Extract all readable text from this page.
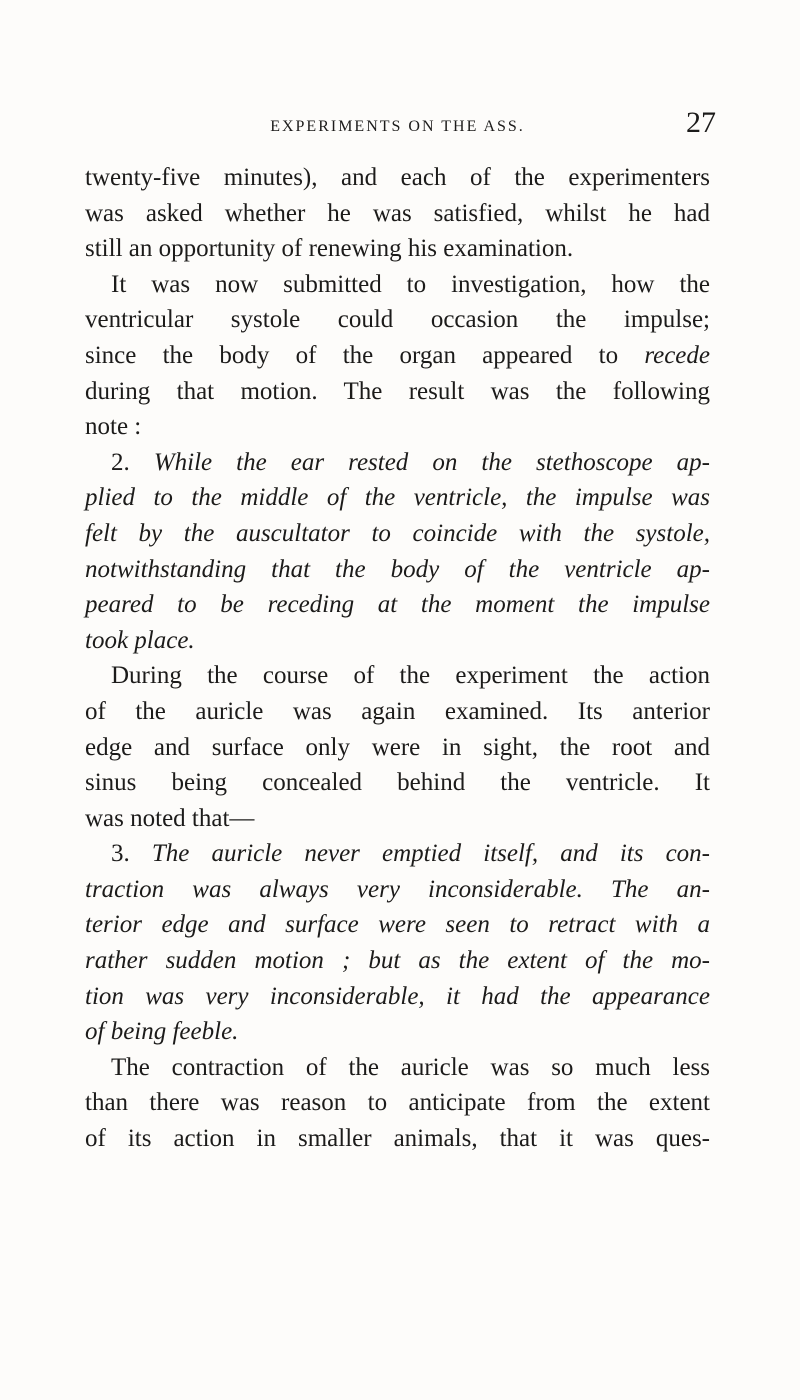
EXPERIMENTS ON THE ASS.	27
twenty-five minutes), and each of the experimenters
was asked whether he was satisfied, whilst he had
still an opportunity of renewing his examination.
It was now submitted to investigation, how the
ventricular systole could occasion the impulse;
since the body of the organ appeared to recede
during that motion. The result was the following
note :
2. While the ear rested on the stethoscope ap-
plied to the middle of the ventricle, the impulse was
felt by the auscultator to coincide with the systole,
notwithstanding that the body of the ventricle ap-
peared to be receding at the moment the impulse
took place.
During the course of the experiment the action
of the auricle was again examined. Its anterior
edge and surface only were in sight, the root and
sinus being concealed behind the ventricle. It
was noted that—
3. The auricle never emptied itself, and its con-
traction was always very inconsiderable. The an-
terior edge and surface were seen to retract with a
rather sudden motion ; but as the extent of the mo-
tion was very inconsiderable, it had the appearance
of being feeble.
The contraction of the auricle was so much less
than there was reason to anticipate from the extent
of its action in smaller animals, that it was ques-
